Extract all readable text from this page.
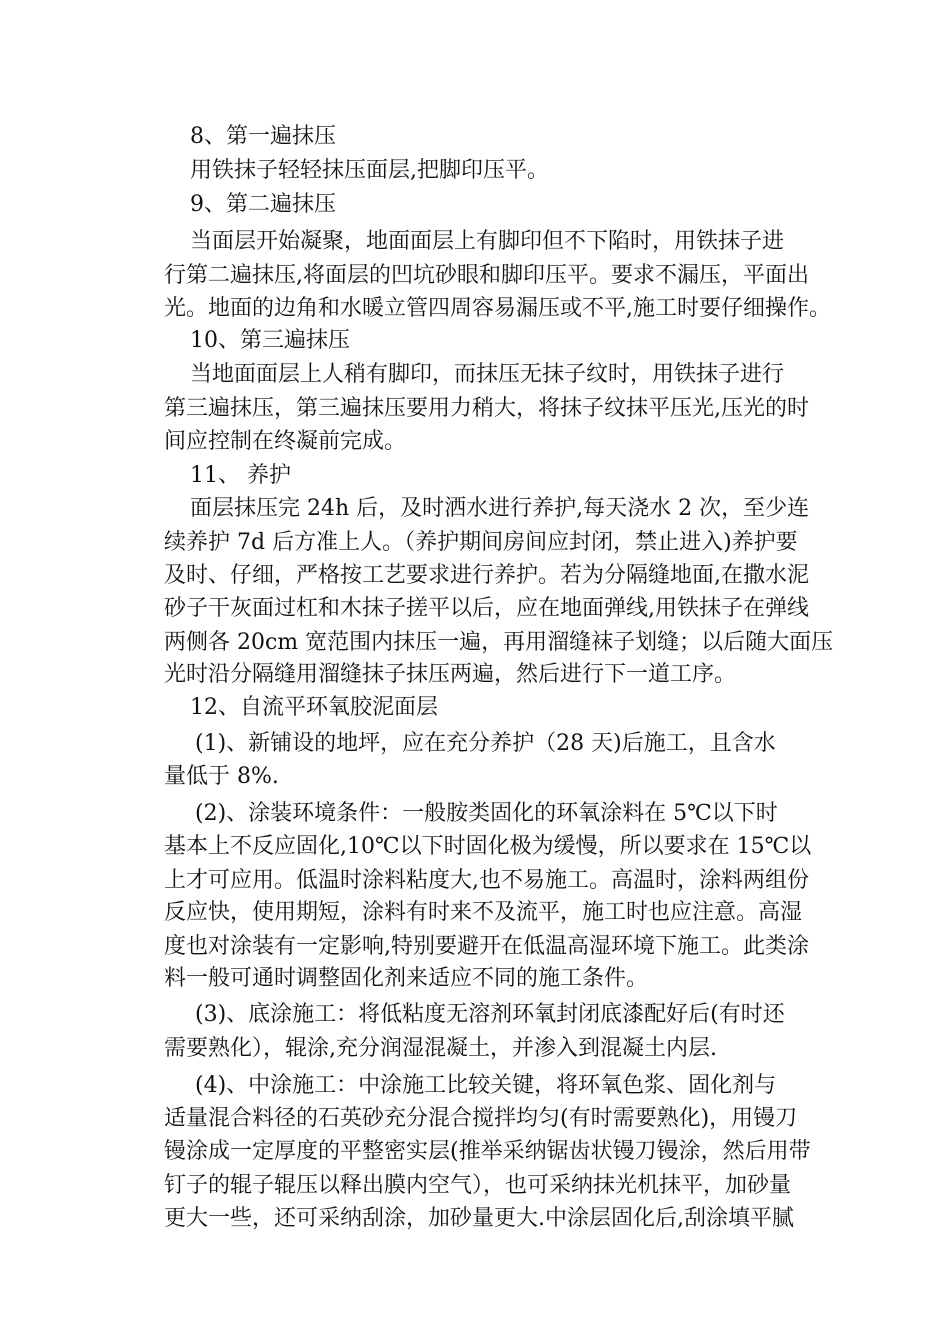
8、第一遍抹压
用铁抹子轻轻抹压面层,把脚印压平。
9、第二遍抹压
当面层开始凝聚，地面面层上有脚印但不下陷时，用铁抹子进
行第二遍抹压,将面层的凹坑砂眼和脚印压平。要求不漏压，平面出
光。地面的边角和水暖立管四周容易漏压或不平,施工时要仔细操作。
10、第三遍抹压
当地面面层上人稍有脚印，而抹压无抹子纹时，用铁抹子进行
第三遍抹压，第三遍抹压要用力稍大，将抹子纹抹平压光,压光的时
间应控制在终凝前完成。
11、 养护
面层抹压完 24h 后，及时洒水进行养护,每天浇水 2 次，至少连
续养护 7d 后方准上人。（养护期间房间应封闭，禁止进入)养护要
及时、仔细，严格按工艺要求进行养护。若为分隔缝地面,在撒水泥
砂子干灰面过杠和木抹子搓平以后，应在地面弹线,用铁抹子在弹线
两侧各 20cm 宽范围内抹压一遍，再用溜缝袜子划缝；以后随大面压
光时沿分隔缝用溜缝抹子抹压两遍，然后进行下一道工序。
12、自流平环氧胶泥面层
(1)、新铺设的地坪，应在充分养护（28 天)后施工，且含水
量低于 8%.
(2)、涂装环境条件：一般胺类固化的环氧涂料在 5℃以下时
基本上不反应固化,10℃以下时固化极为缓慢，所以要求在 15℃以
上才可应用。低温时涂料粘度大,也不易施工。高温时，涂料两组份
反应快，使用期短，涂料有时来不及流平，施工时也应注意。高湿
度也对涂装有一定影响,特别要避开在低温高湿环境下施工。此类涂
料一般可通时调整固化剂来适应不同的施工条件。
(3)、底涂施工：将低粘度无溶剂环氧封闭底漆配好后(有时还
需要熟化），辊涂,充分润湿混凝土，并渗入到混凝土内层.
(4)、中涂施工：中涂施工比较关键，将环氧色浆、固化剂与
适量混合料径的石英砂充分混合搅拌均匀(有时需要熟化)，用镘刀
镘涂成一定厚度的平整密实层(推举采纳锯齿状镘刀镘涂，然后用带
钉子的辊子辊压以释出膜内空气），也可采纳抹光机抹平，加砂量
更大一些，还可采纳刮涂，加砂量更大.中涂层固化后,刮涂填平腻
